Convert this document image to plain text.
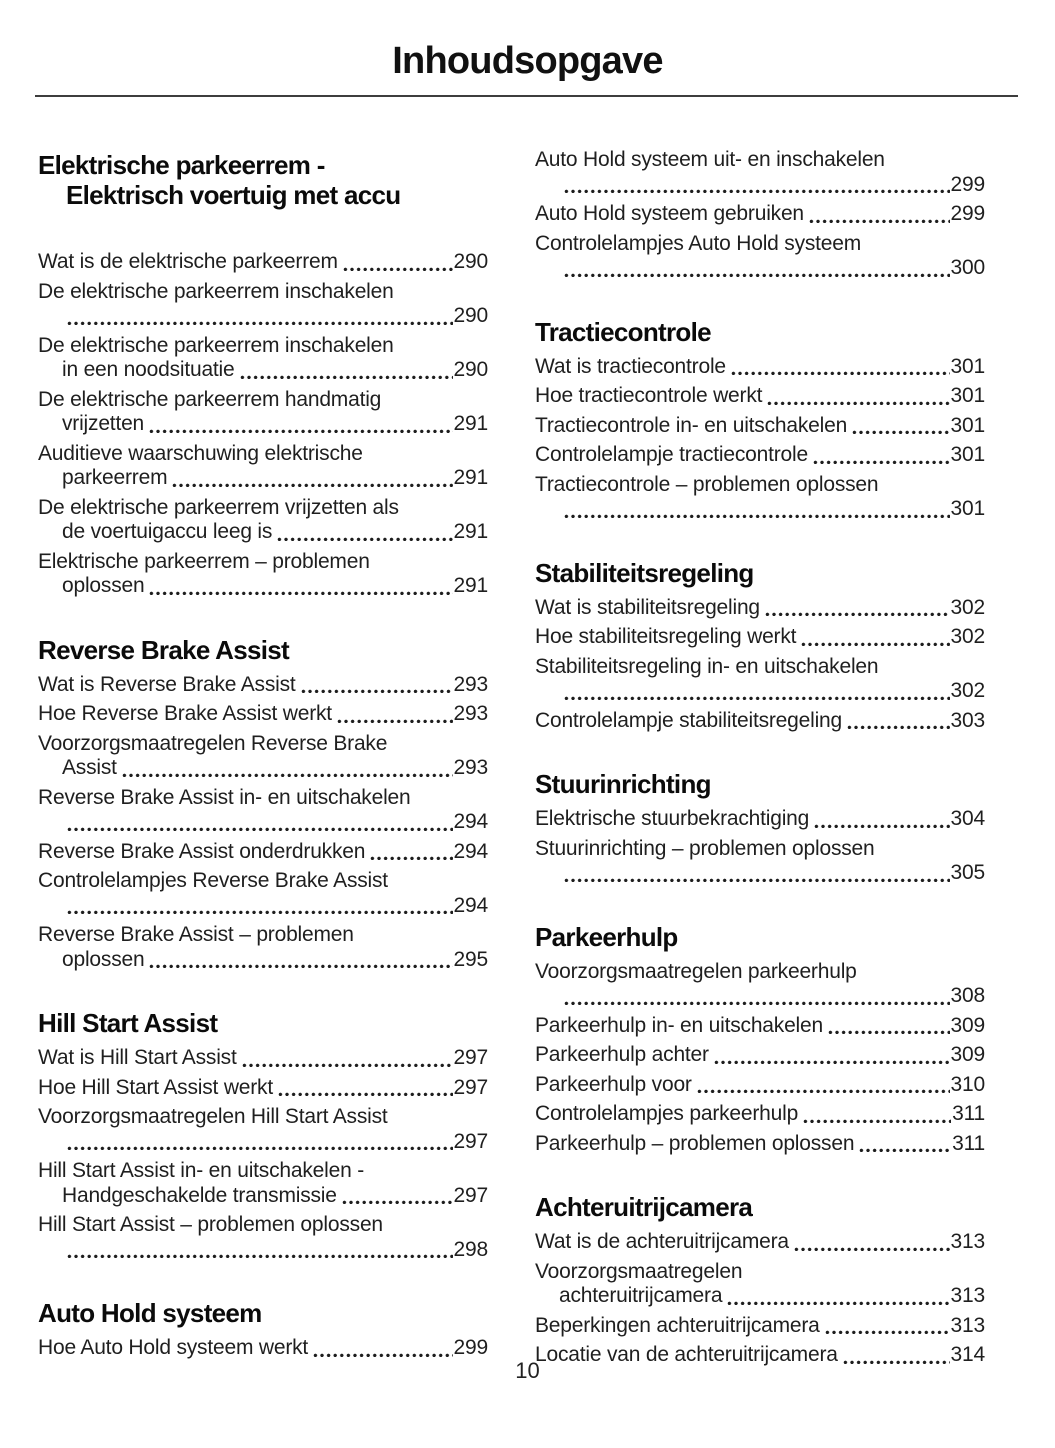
Inhoudsopgave
Elektrische parkeerrem -
Elektrisch voertuig met accu
Wat is de elektrische parkeerrem	290
De elektrische parkeerrem inschakelen
290
De elektrische parkeerrem inschakelen
in een noodsituatie	290
De elektrische parkeerrem handmatig
vrijzetten	291
Auditieve waarschuwing elektrische
parkeerrem	291
De elektrische parkeerrem vrijzetten als
de voertuigaccu leeg is	291
Elektrische parkeerrem – problemen
oplossen	291
Reverse Brake Assist
Wat is Reverse Brake Assist	293
Hoe Reverse Brake Assist werkt	293
Voorzorgsmaatregelen Reverse Brake
Assist	293
Reverse Brake Assist in- en uitschakelen
294
Reverse Brake Assist onderdrukken	294
Controlelampjes Reverse Brake Assist
294
Reverse Brake Assist – problemen
oplossen	295
Hill Start Assist
Wat is Hill Start Assist	297
Hoe Hill Start Assist werkt	297
Voorzorgsmaatregelen Hill Start Assist
297
Hill Start Assist in- en uitschakelen -
Handgeschakelde transmissie	297
Hill Start Assist – problemen oplossen
298
Auto Hold systeem
Hoe Auto Hold systeem werkt	299
Auto Hold systeem uit- en inschakelen
299
Auto Hold systeem gebruiken	299
Controlelampjes Auto Hold systeem
300
Tractiecontrole
Wat is tractiecontrole	301
Hoe tractiecontrole werkt	301
Tractiecontrole in- en uitschakelen	301
Controlelampje tractiecontrole	301
Tractiecontrole – problemen oplossen
301
Stabiliteitsregeling
Wat is stabiliteitsregeling	302
Hoe stabiliteitsregeling werkt	302
Stabiliteitsregeling in- en uitschakelen
302
Controlelampje stabiliteitsregeling	303
Stuurinrichting
Elektrische stuurbekrachtiging	304
Stuurinrichting – problemen oplossen
305
Parkeerhulp
Voorzorgsmaatregelen parkeerhulp
308
Parkeerhulp in- en uitschakelen	309
Parkeerhulp achter	309
Parkeerhulp voor	310
Controlelampjes parkeerhulp	311
Parkeerhulp – problemen oplossen	311
Achteruitrijcamera
Wat is de achteruitrijcamera	313
Voorzorgsmaatregelen
achteruitrijcamera	313
Beperkingen achteruitrijcamera	313
Locatie van de achteruitrijcamera	314
10
